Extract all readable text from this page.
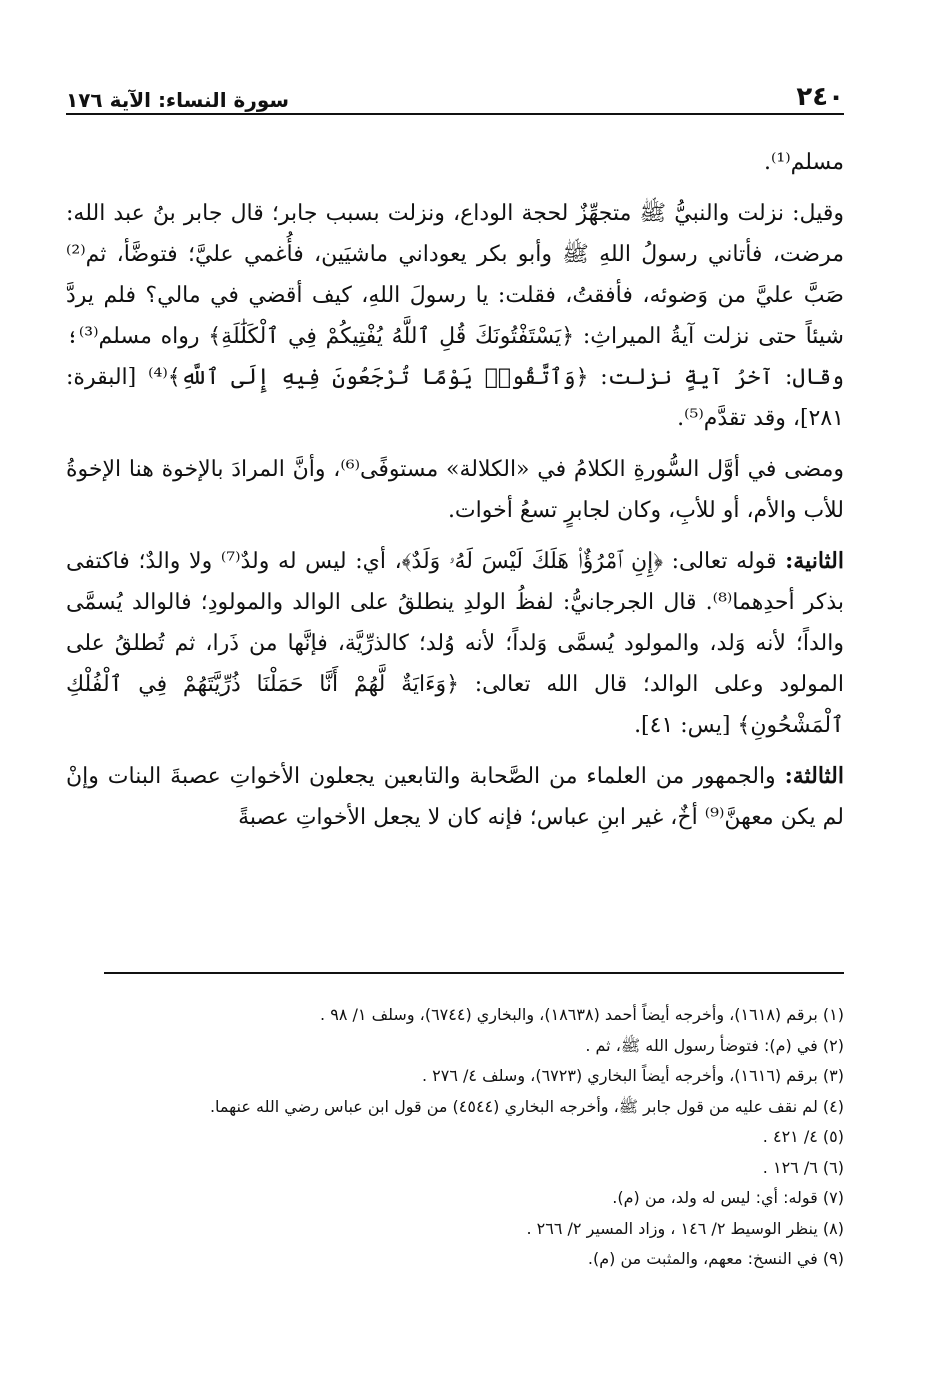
٢٤٠
سورة النساء: الآية ١٧٦

مسلم⁽¹⁾.

وقيل: نزلت والنبيُّ ﷺ متجهِّزٌ لحجة الوداع، ونزلت بسبب جابر؛ قال جابر بنُ عبد الله: مرضت، فأتاني رسولُ اللهِ ﷺ وأبو بكر يعوداني ماشيَين، فأُغمي عليَّ؛ فتوضَّأ، ثم⁽²⁾ صَبَّ عليَّ من وَضوئه، فأفقتُ، فقلت: يا رسولَ اللهِ، كيف أقضي في مالي؟ فلم يردَّ شيئاً حتى نزلت آيةُ الميراثِ: ﴿يَسْتَفْتُونَكَ قُلِ ٱللَّهُ يُفْتِيكُمْ فِي ٱلْكَلَٰلَةِ﴾ رواه مسلم⁽³⁾؛ وقال: آخرُ آيةٍ نزلت: ﴿وَٱتَّقُوا۟ يَوْمًا تُرْجَعُونَ فِيهِ إِلَى ٱللَّهِ﴾⁽⁴⁾ [البقرة: ٢٨١]، وقد تقدَّم⁽⁵⁾.

ومضى في أوَّل السُّورةِ الكلامُ في «الكلالة» مستوفًى⁽⁶⁾، وأنَّ المرادَ بالإخوة هنا الإخوةُ للأب والأم، أو للأبِ، وكان لجابرٍ تسعُ أخوات.

الثانية: قوله تعالى: ﴿إِنِ ٱمْرُؤٌا۟ هَلَكَ لَيْسَ لَهُۥ وَلَدٌ﴾، أي: ليس له ولدٌ⁽⁷⁾ ولا والدٌ؛ فاكتفى بذكر أحدِهما⁽⁸⁾. قال الجرجانيُّ: لفظُ الولدِ ينطلقُ على الوالد والمولودِ؛ فالوالد يُسمَّى والداً؛ لأنه وَلد، والمولود يُسمَّى وَلداً؛ لأنه وُلد؛ كالذرِّيَّة، فإنَّها من ذَرا، ثم تُطلقُ على المولود وعلى الوالد؛ قال الله تعالى: ﴿وَءَايَةٌ لَّهُمْ أَنَّا حَمَلْنَا ذُرِّيَّتَهُمْ فِي ٱلْفُلْكِ ٱلْمَشْحُونِ﴾ [يس: ٤١].

الثالثة: والجمهور من العلماء من الصَّحابة والتابعين يجعلون الأخواتِ عصبةَ البنات وإنْ لم يكن معهنَّ⁽⁹⁾ أخٌ، غير ابنِ عباس؛ فإنه كان لا يجعل الأخواتِ عصبةً

(١) برقم (١٦١٨)، وأخرجه أيضاً أحمد (١٨٦٣٨)، والبخاري (٦٧٤٤)، وسلف ١/ ٩٨ .
(٢) في (م): فتوضأ رسول الله ﷺ، ثم .
(٣) برقم (١٦١٦)، وأخرجه أيضاً البخاري (٦٧٢٣)، وسلف ٤/ ٢٧٦ .
(٤) لم نقف عليه من قول جابر ﷺ، وأخرجه البخاري (٤٥٤٤) من قول ابن عباس رضي الله عنهما.
(٥) ٤/ ٤٢١ .
(٦) ٦/ ١٢٦ .
(٧) قوله: أي: ليس له ولد، من (م).
(٨) ينظر الوسيط ٢/ ١٤٦ ، وزاد المسير ٢/ ٢٦٦ .
(٩) في النسخ: معهم، والمثبت من (م).
